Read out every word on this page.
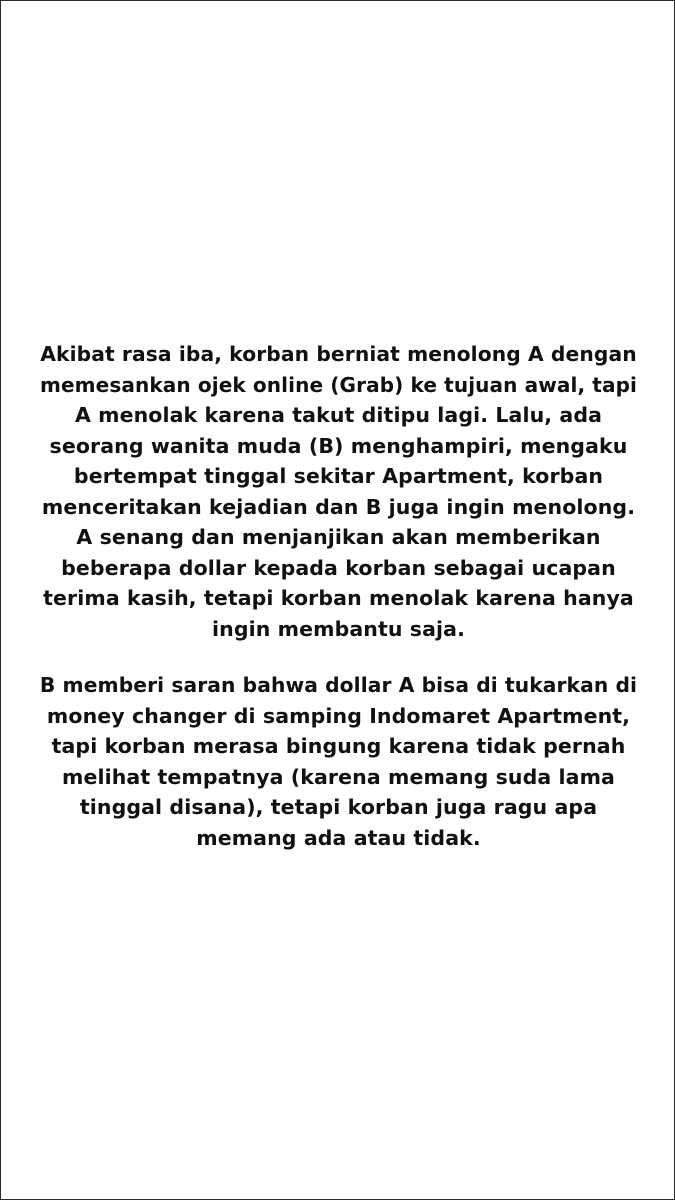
Akibat rasa iba, korban berniat menolong A dengan
memesankan ojek online (Grab) ke tujuan awal, tapi
A menolak karena takut ditipu lagi. Lalu, ada
seorang wanita muda (B) menghampiri, mengaku
bertempat tinggal sekitar Apartment, korban
menceritakan kejadian dan B juga ingin menolong.
A senang dan menjanjikan akan memberikan
beberapa dollar kepada korban sebagai ucapan
terima kasih, tetapi korban menolak karena hanya
ingin membantu saja.

B memberi saran bahwa dollar A bisa di tukarkan di
money changer di samping Indomaret Apartment,
tapi korban merasa bingung karena tidak pernah
melihat tempatnya (karena memang suda lama
tinggal disana), tetapi korban juga ragu apa
memang ada atau tidak.
